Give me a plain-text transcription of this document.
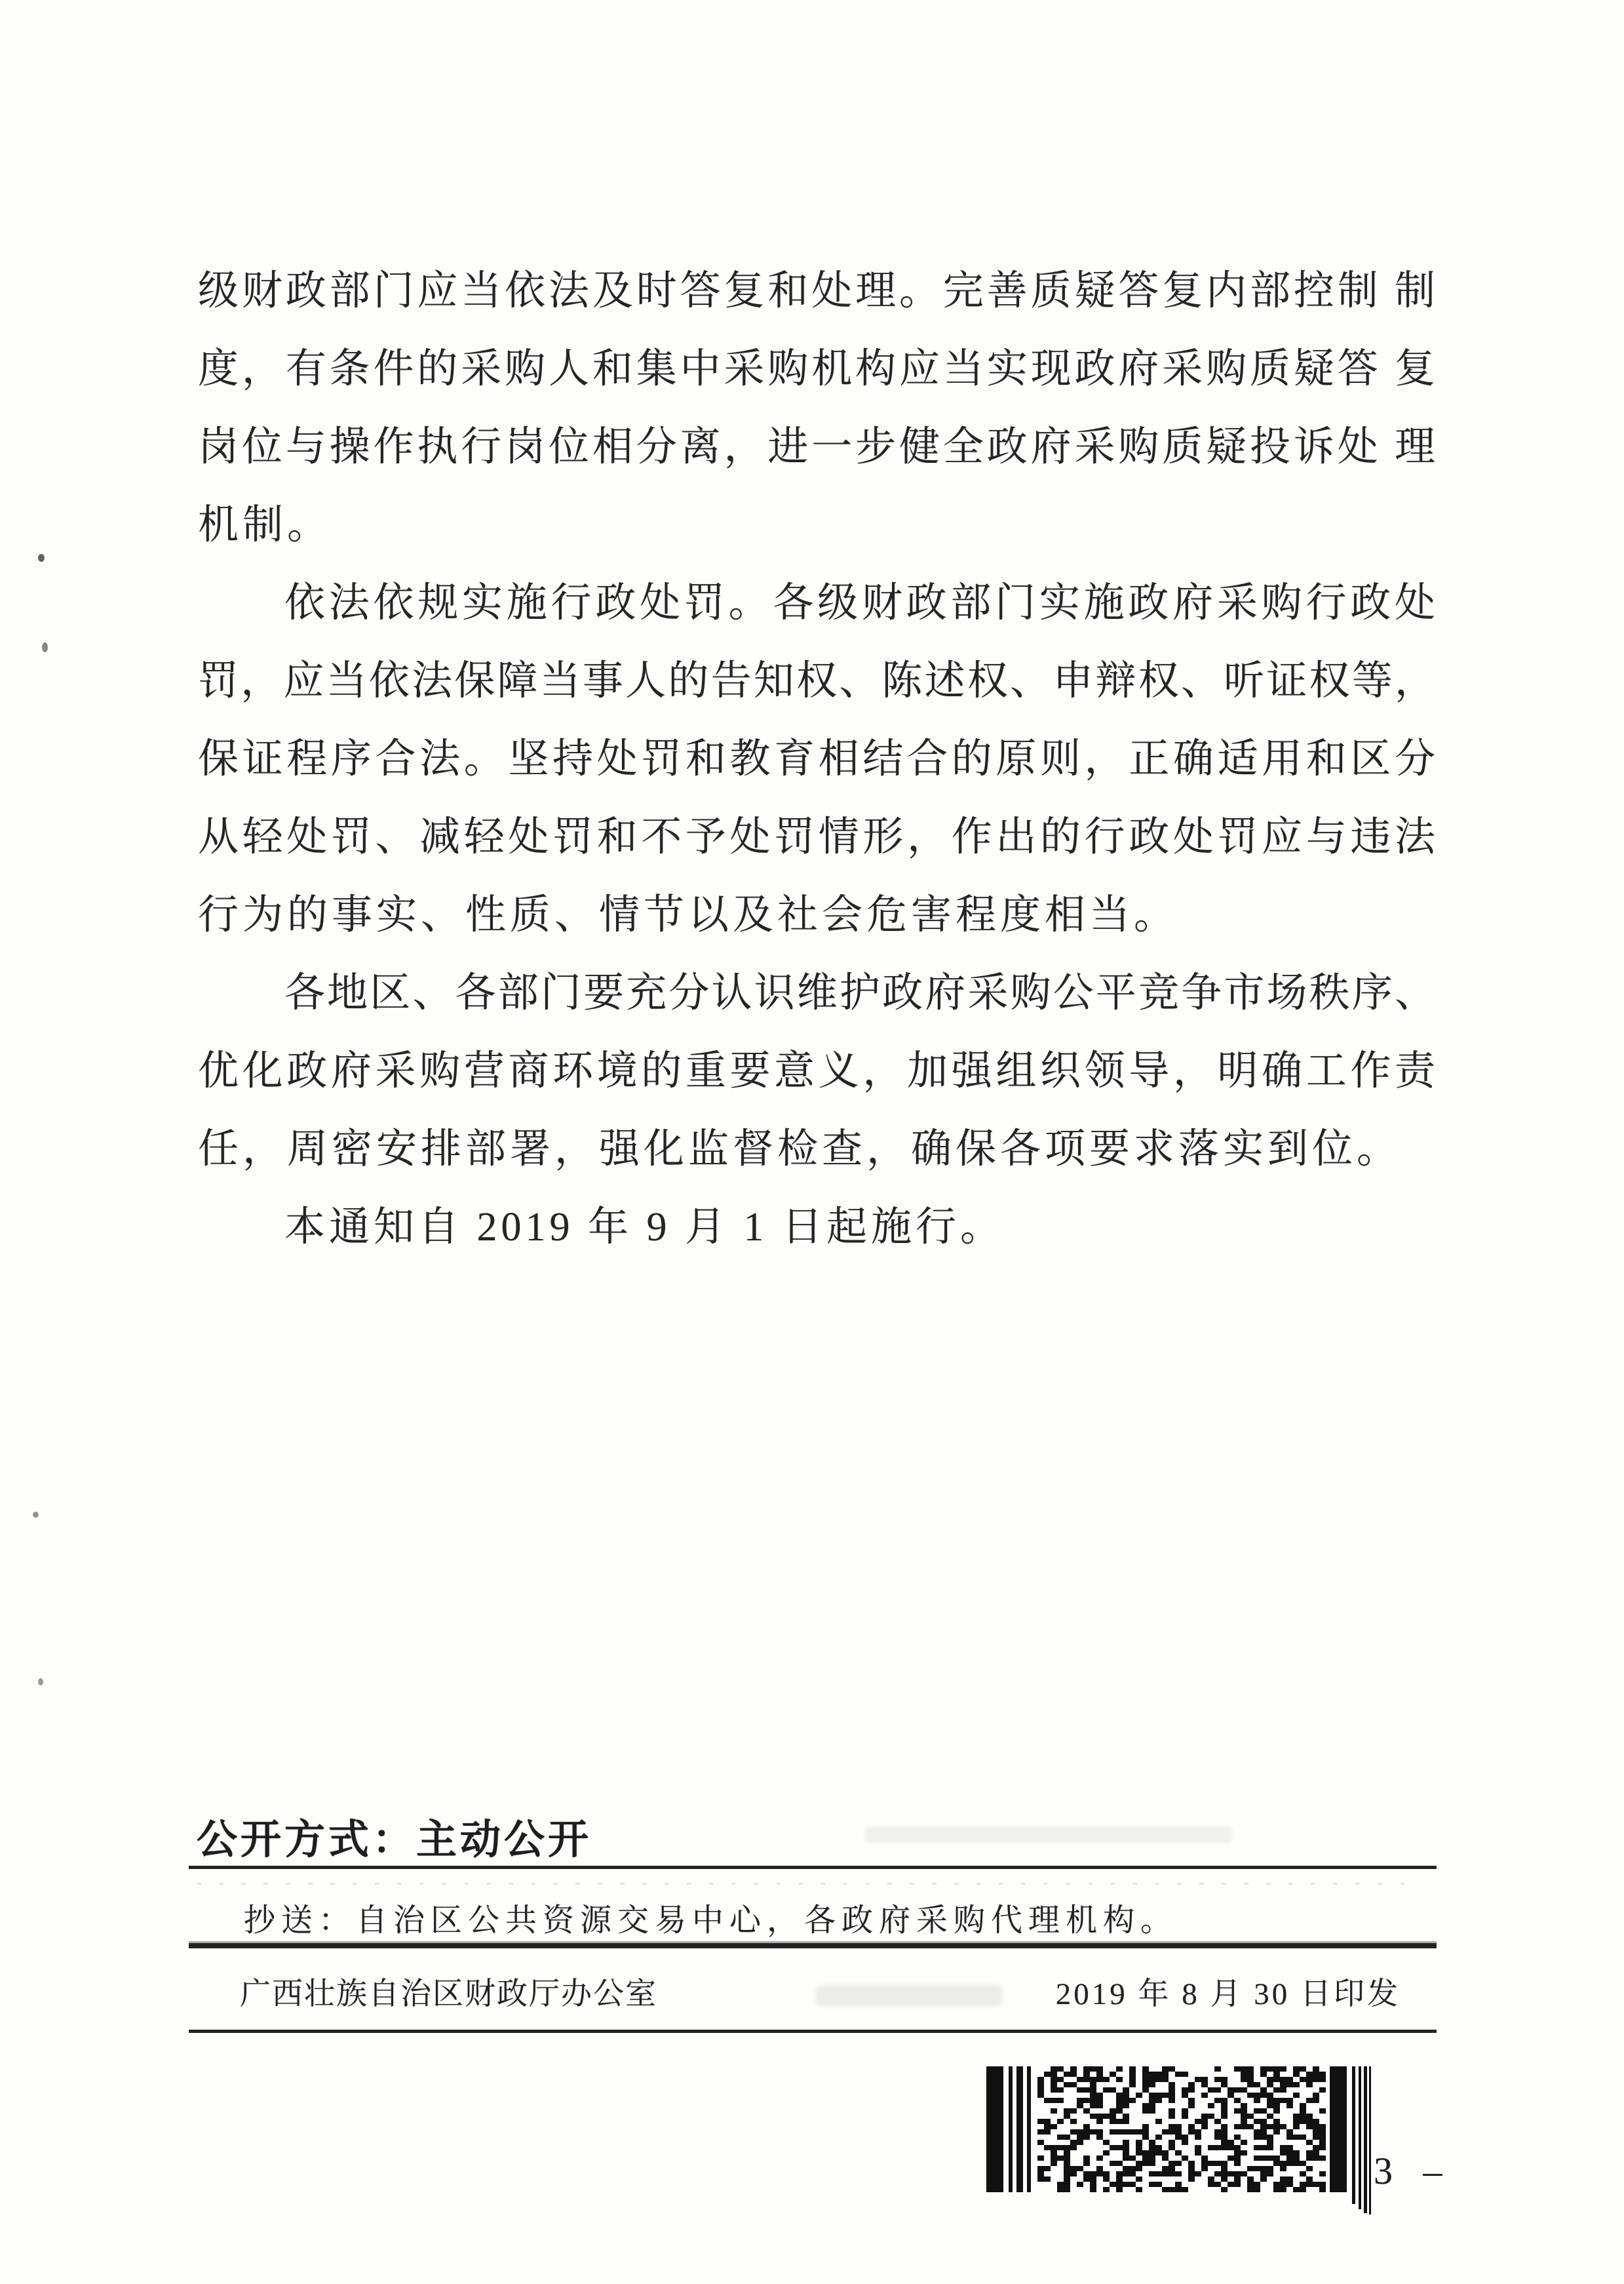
级财政部门应当依法及时答复和处理。完善质疑答复内部控制 制
度，有条件的采购人和集中采购机构应当实现政府采购质疑答 复
岗位与操作执行岗位相分离，进一步健全政府采购质疑投诉处 理
机制。
依法依规实施行政处罚。各级财政部门实施政府采购行政处
罚，应当依法保障当事人的告知权、陈述权、申辩权、听证权等，
保证程序合法。坚持处罚和教育相结合的原则，正确适用和区分
从轻处罚、减轻处罚和不予处罚情形，作出的行政处罚应与违法
行为的事实、性质、情节以及社会危害程度相当。
各地区、各部门要充分认识维护政府采购公平竞争市场秩序、
优化政府采购营商环境的重要意义，加强组织领导，明确工作责
任，周密安排部署，强化监督检查，确保各项要求落实到位。
本通知自 2019 年 9 月 1 日起施行。
公开方式：主动公开
抄送：自治区公共资源交易中心，各政府采购代理机构。
广西壮族自治区财政厅办公室	2019 年 8 月 30 日印发
3 –
